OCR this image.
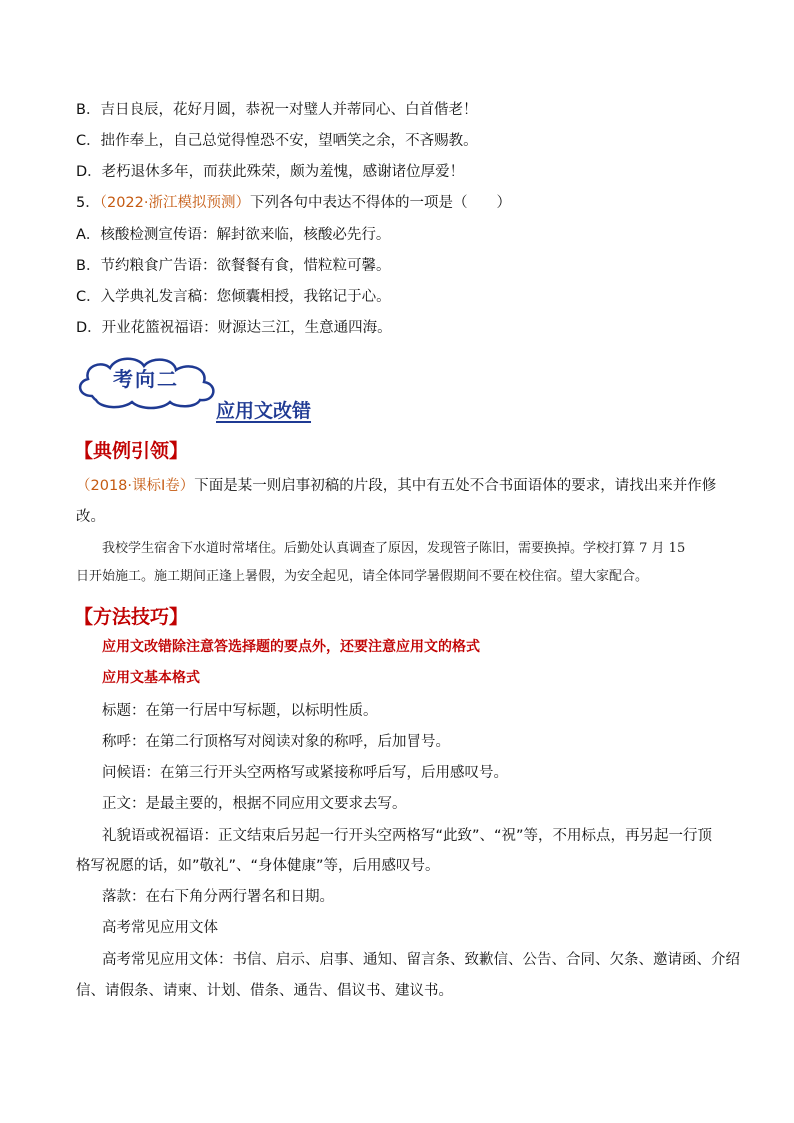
B．吉日良辰，花好月圆，恭祝一对璧人并蒂同心、白首偕老！
C．拙作奉上，自己总觉得惶恐不安，望哂笑之余，不吝赐教。
D．老朽退休多年，而获此殊荣，颇为羞愧，感谢诸位厚爱！
5．（2022·浙江模拟预测）下列各句中表达不得体的一项是（　　）
A．核酸检测宣传语：解封欲来临，核酸必先行。
B．节约粮食广告语：欲餐餐有食，惜粒粒可馨。
C．入学典礼发言稿：您倾囊相授，我铭记于心。
D．开业花篮祝福语：财源达三江，生意通四海。
考向二
应用文改错
【典例引领】
（2018·课标Ⅰ卷）下面是某一则启事初稿的片段，其中有五处不合书面语体的要求，请找出来并作修
改。
我校学生宿舍下水道时常堵住。后勤处认真调查了原因，发现管子陈旧，需要换掉。学校打算 7 月 15
日开始施工。施工期间正逢上暑假，为安全起见，请全体同学暑假期间不要在校住宿。望大家配合。
【方法技巧】
应用文改错除注意答选择题的要点外，还要注意应用文的格式
应用文基本格式
标题：在第一行居中写标题，以标明性质。
称呼：在第二行顶格写对阅读对象的称呼，后加冒号。
问候语：在第三行开头空两格写或紧接称呼后写，后用感叹号。
正文：是最主要的，根据不同应用文要求去写。
礼貌语或祝福语：正文结束后另起一行开头空两格写“此致”、“祝”等，不用标点，再另起一行顶
格写祝愿的话，如”敬礼”、“身体健康”等，后用感叹号。
落款：在右下角分两行署名和日期。
高考常见应用文体
高考常见应用文体：书信、启示、启事、通知、留言条、致歉信、公告、合同、欠条、邀请函、介绍
信、请假条、请柬、计划、借条、通告、倡议书、建议书。
